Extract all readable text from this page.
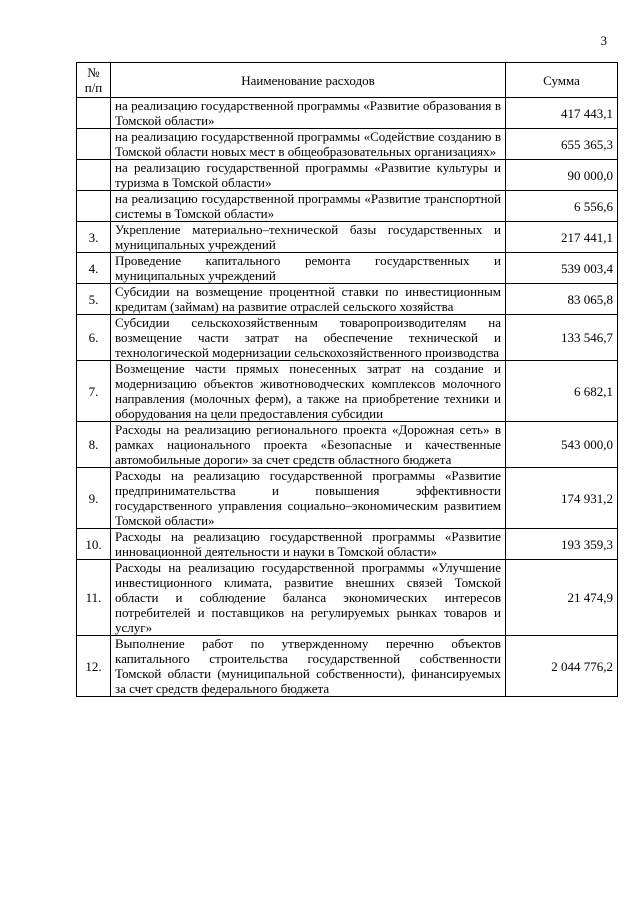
3
№
п/п	Наименование расходов	Сумма
	на реализацию государственной программы «Развитие образования в Томской области»	417 443,1
	на реализацию государственной программы «Содействие созданию в Томской области новых мест в общеобразовательных организациях»	655 365,3
	на реализацию государственной программы «Развитие культуры и туризма в Томской области»	90 000,0
	на реализацию государственной программы «Развитие транспортной системы в Томской области»	6 556,6
3.	Укрепление материально–технической базы государственных и муниципальных учреждений	217 441,1
4.	Проведение капитального ремонта государственных и муниципальных учреждений	539 003,4
5.	Субсидии на возмещение процентной ставки по инвестиционным кредитам (займам) на развитие отраслей сельского хозяйства	83 065,8
6.	Субсидии сельскохозяйственным товаропроизводителям на возмещение части затрат на обеспечение технической и технологической модернизации сельскохозяйственного производства	133 546,7
7.	Возмещение части прямых понесенных затрат на создание и модернизацию объектов животноводческих комплексов молочного направления (молочных ферм), а также на приобретение техники и оборудования на цели предоставления субсидии	6 682,1
8.	Расходы на реализацию регионального проекта «Дорожная сеть» в рамках национального проекта «Безопасные и качественные автомобильные дороги» за счет средств областного бюджета	543 000,0
9.	Расходы на реализацию государственной программы «Развитие предпринимательства и повышения эффективности государственного управления социально–экономическим развитием Томской области»	174 931,2
10.	Расходы на реализацию государственной программы «Развитие инновационной деятельности и науки в Томской области»	193 359,3
11.	Расходы на реализацию государственной программы «Улучшение инвестиционного климата, развитие внешних связей Томской области и соблюдение баланса экономических интересов потребителей и поставщиков на регулируемых рынках товаров и услуг»	21 474,9
12.	Выполнение работ по утвержденному перечню объектов капитального строительства государственной собственности Томской области (муниципальной собственности), финансируемых за счет средств федерального бюджета	2 044 776,2
